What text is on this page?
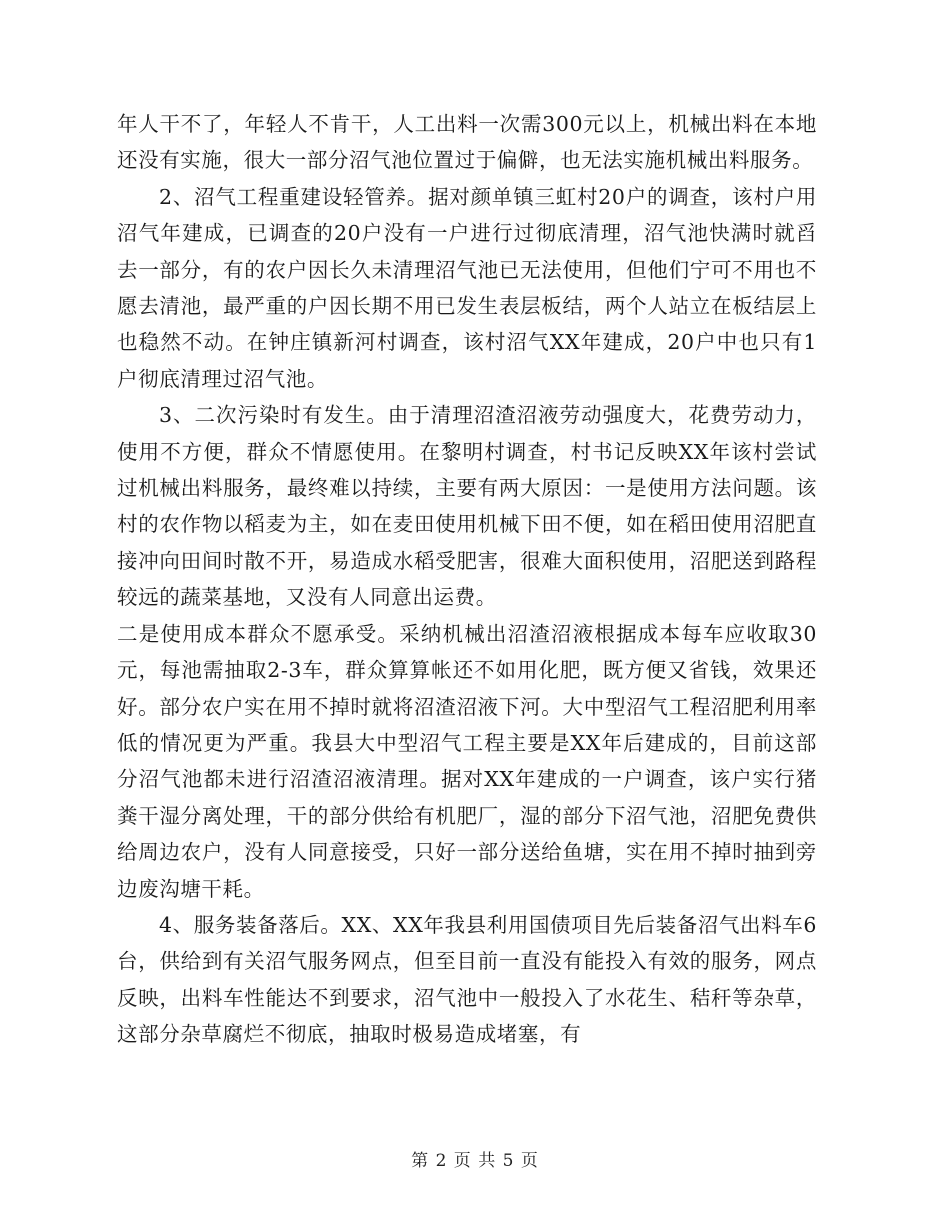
年人干不了，年轻人不肯干，人工出料一次需300元以上，机械出料在本地还没有实施，很大一部分沼气池位置过于偏僻，也无法实施机械出料服务。

2、沼气工程重建设轻管养。据对颜单镇三虹村20户的调查，该村户用沼气年建成，已调查的20户没有一户进行过彻底清理，沼气池快满时就舀去一部分，有的农户因长久未清理沼气池已无法使用，但他们宁可不用也不愿去清池，最严重的户因长期不用已发生表层板结，两个人站立在板结层上也稳然不动。在钟庄镇新河村调查，该村沼气XX年建成，20户中也只有1户彻底清理过沼气池。

3、二次污染时有发生。由于清理沼渣沼液劳动强度大，花费劳动力，使用不方便，群众不情愿使用。在黎明村调查，村书记反映XX年该村尝试过机械出料服务，最终难以持续，主要有两大原因：一是使用方法问题。该村的农作物以稻麦为主，如在麦田使用机械下田不便，如在稻田使用沼肥直接冲向田间时散不开，易造成水稻受肥害，很难大面积使用，沼肥送到路程较远的蔬菜基地，又没有人同意出运费。

二是使用成本群众不愿承受。采纳机械出沼渣沼液根据成本每车应收取30元，每池需抽取2-3车，群众算算帐还不如用化肥，既方便又省钱，效果还好。部分农户实在用不掉时就将沼渣沼液下河。大中型沼气工程沼肥利用率低的情况更为严重。我县大中型沼气工程主要是XX年后建成的，目前这部分沼气池都未进行沼渣沼液清理。据对XX年建成的一户调查，该户实行猪粪干湿分离处理，干的部分供给有机肥厂，湿的部分下沼气池，沼肥免费供给周边农户，没有人同意接受，只好一部分送给鱼塘，实在用不掉时抽到旁边废沟塘干耗。

4、服务装备落后。XX、XX年我县利用国债项目先后装备沼气出料车6台，供给到有关沼气服务网点，但至目前一直没有能投入有效的服务，网点反映，出料车性能达不到要求，沼气池中一般投入了水花生、秸秆等杂草，这部分杂草腐烂不彻底，抽取时极易造成堵塞，有

第 2 页 共 5 页
